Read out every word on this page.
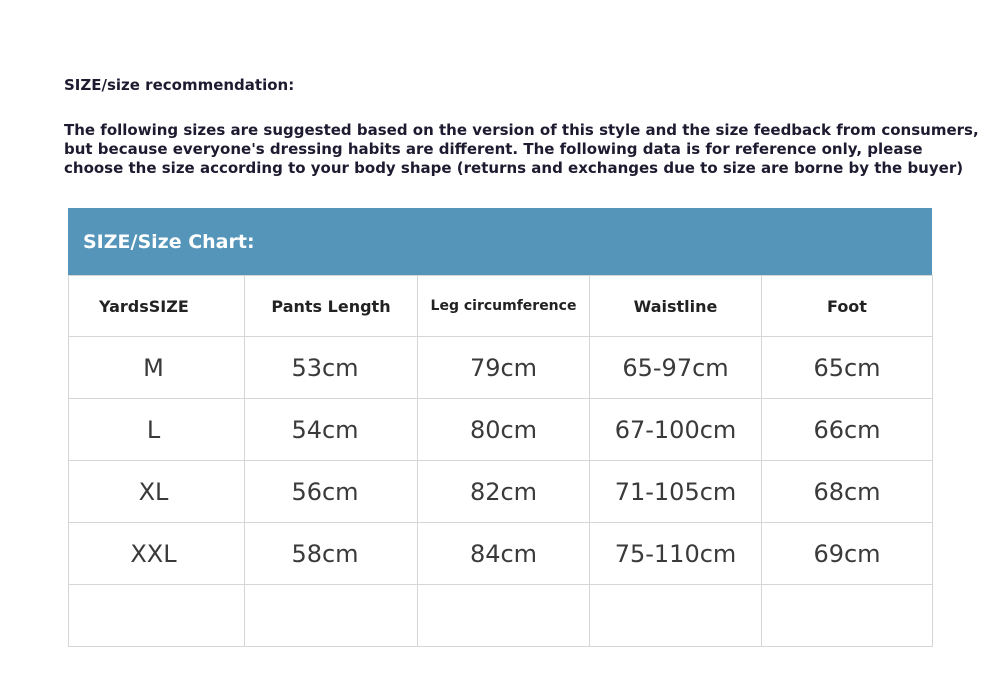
SIZE/size recommendation:
The following sizes are suggested based on the version of this style and the size feedback from consumers,
but because everyone's dressing habits are different. The following data is for reference only, please
choose the size according to your body shape (returns and exchanges due to size are borne by the buyer)
SIZE/Size Chart:
YardsSIZE	Pants Length	Leg circumference	Waistline	Foot
M	53cm	79cm	65-97cm	65cm
L	54cm	80cm	67-100cm	66cm
XL	56cm	82cm	71-105cm	68cm
XXL	58cm	84cm	75-110cm	69cm
